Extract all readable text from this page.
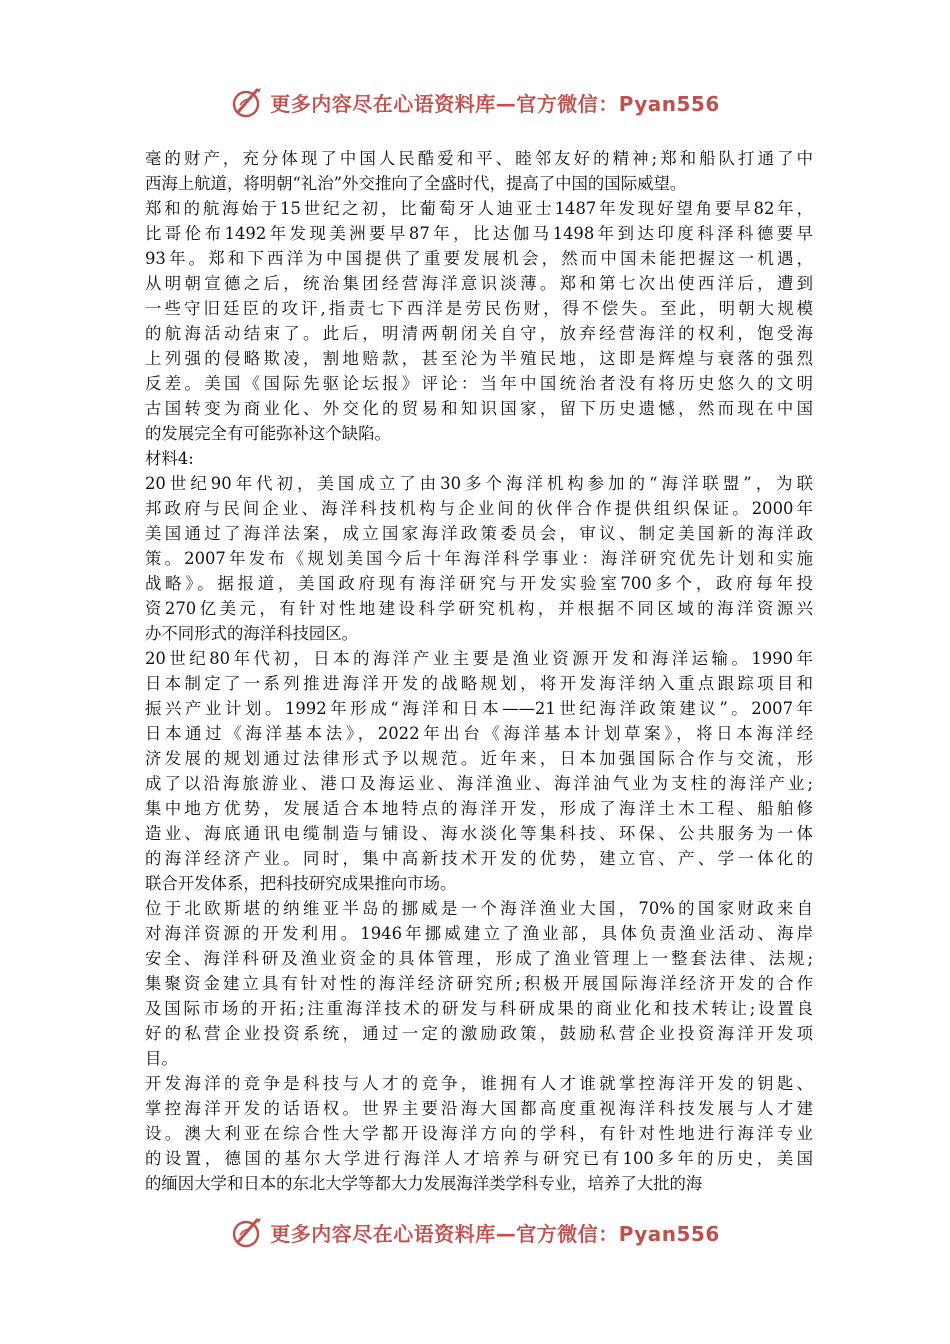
更多内容尽在心语资料库—官方微信：Pyan556
毫的财产，充分体现了中国人民酷爱和平、睦邻友好的精神;郑和船队打通了中
西海上航道，将明朝“礼治”外交推向了全盛时代，提高了中国的国际威望。
郑和的航海始于15世纪之初，比葡萄牙人迪亚士1487年发现好望角要早82年，
比哥伦布1492年发现美洲要早87年，比达伽马1498年到达印度科泽科德要早
93年。郑和下西洋为中国提供了重要发展机会，然而中国未能把握这一机遇，
从明朝宣德之后，统治集团经营海洋意识淡薄。郑和第七次出使西洋后，遭到
一些守旧廷臣的攻讦,指责七下西洋是劳民伤财，得不偿失。至此，明朝大规模
的航海活动结束了。此后，明清两朝闭关自守，放弃经营海洋的权利，饱受海
上列强的侵略欺凌，割地赔款，甚至沦为半殖民地，这即是辉煌与衰落的强烈
反差。美国《国际先驱论坛报》评论：当年中国统治者没有将历史悠久的文明
古国转变为商业化、外交化的贸易和知识国家，留下历史遗憾，然而现在中国
的发展完全有可能弥补这个缺陷。
材料4:
20世纪90年代初，美国成立了由30多个海洋机构参加的“海洋联盟”，为联
邦政府与民间企业、海洋科技机构与企业间的伙伴合作提供组织保证。2000年
美国通过了海洋法案，成立国家海洋政策委员会，审议、制定美国新的海洋政
策。2007年发布《规划美国今后十年海洋科学事业：海洋研究优先计划和实施
战略》。据报道，美国政府现有海洋研究与开发实验室700多个，政府每年投
资270亿美元，有针对性地建设科学研究机构，并根据不同区域的海洋资源兴
办不同形式的海洋科技园区。
20世纪80年代初，日本的海洋产业主要是渔业资源开发和海洋运输。1990年
日本制定了一系列推进海洋开发的战略规划，将开发海洋纳入重点跟踪项目和
振兴产业计划。1992年形成“海洋和日本——21世纪海洋政策建议”。2007年
日本通过《海洋基本法》，2022年出台《海洋基本计划草案》，将日本海洋经
济发展的规划通过法律形式予以规范。近年来，日本加强国际合作与交流，形
成了以沿海旅游业、港口及海运业、海洋渔业、海洋油气业为支柱的海洋产业;
集中地方优势，发展适合本地特点的海洋开发，形成了海洋土木工程、船舶修
造业、海底通讯电缆制造与铺设、海水淡化等集科技、环保、公共服务为一体
的海洋经济产业。同时，集中高新技术开发的优势，建立官、产、学一体化的
联合开发体系，把科技研究成果推向市场。
位于北欧斯堪的纳维亚半岛的挪威是一个海洋渔业大国，70%的国家财政来自
对海洋资源的开发利用。1946年挪威建立了渔业部，具体负责渔业活动、海岸
安全、海洋科研及渔业资金的具体管理，形成了渔业管理上一整套法律、法规;
集聚资金建立具有针对性的海洋经济研究所;积极开展国际海洋经济开发的合作
及国际市场的开拓;注重海洋技术的研发与科研成果的商业化和技术转让;设置良
好的私营企业投资系统，通过一定的激励政策，鼓励私营企业投资海洋开发项
目。
开发海洋的竞争是科技与人才的竞争，谁拥有人才谁就掌控海洋开发的钥匙、
掌控海洋开发的话语权。世界主要沿海大国都高度重视海洋科技发展与人才建
设。澳大利亚在综合性大学都开设海洋方向的学科，有针对性地进行海洋专业
的设置，德国的基尔大学进行海洋人才培养与研究已有100多年的历史，美国
的缅因大学和日本的东北大学等都大力发展海洋类学科专业，培养了大批的海
更多内容尽在心语资料库—官方微信：Pyan556
